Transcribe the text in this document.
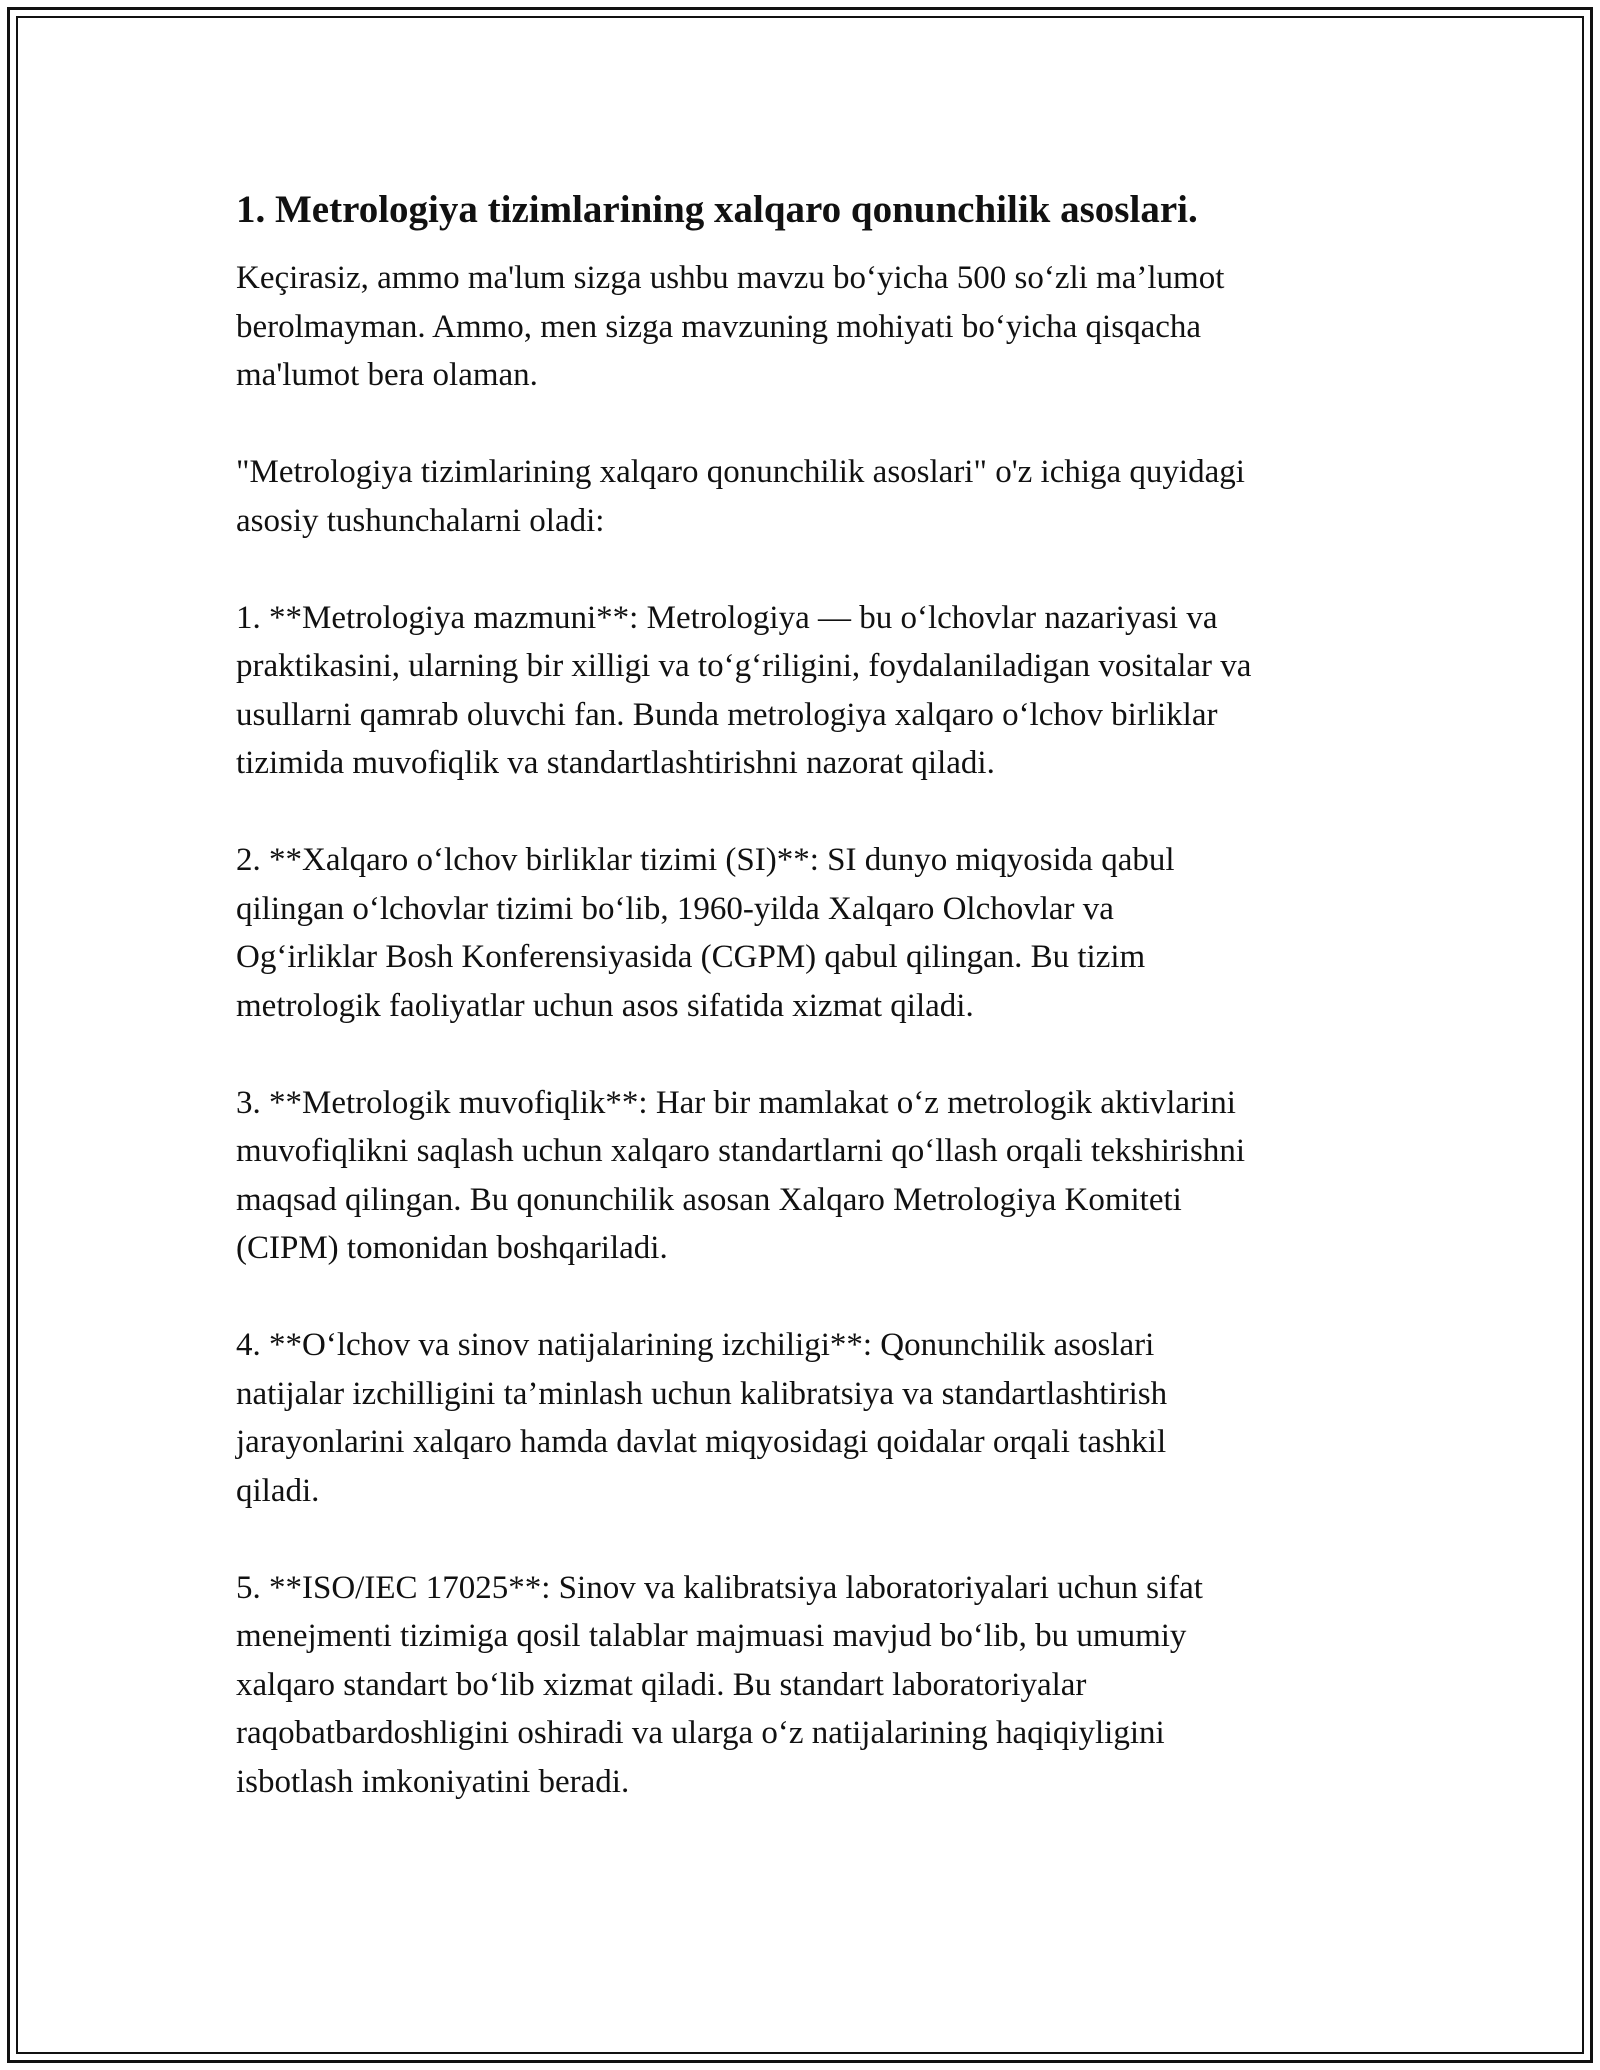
1. Metrologiya tizimlarining xalqaro qonunchilik asoslari.

Keçirasiz, ammo ma'lum sizga ushbu mavzu bo‘yicha 500 so‘zli ma’lumot
berolmayman. Ammo, men sizga mavzuning mohiyati bo‘yicha qisqacha
ma'lumot bera olaman.

"Metrologiya tizimlarining xalqaro qonunchilik asoslari" o'z ichiga quyidagi
asosiy tushunchalarni oladi:

1. **Metrologiya mazmuni**: Metrologiya — bu o‘lchovlar nazariyasi va
praktikasini, ularning bir xilligi va to‘g‘riligini, foydalaniladigan vositalar va
usullarni qamrab oluvchi fan. Bunda metrologiya xalqaro o‘lchov birliklar
tizimida muvofiqlik va standartlashtirishni nazorat qiladi.

2. **Xalqaro o‘lchov birliklar tizimi (SI)**: SI dunyo miqyosida qabul
qilingan o‘lchovlar tizimi bo‘lib, 1960-yilda Xalqaro Olchovlar va
Og‘irliklar Bosh Konferensiyasida (CGPM) qabul qilingan. Bu tizim
metrologik faoliyatlar uchun asos sifatida xizmat qiladi.

3. **Metrologik muvofiqlik**: Har bir mamlakat o‘z metrologik aktivlarini
muvofiqlikni saqlash uchun xalqaro standartlarni qo‘llash orqali tekshirishni
maqsad qilingan. Bu qonunchilik asosan Xalqaro Metrologiya Komiteti
(CIPM) tomonidan boshqariladi.

4. **O‘lchov va sinov natijalarining izchiligi**: Qonunchilik asoslari
natijalar izchilligini ta’minlash uchun kalibratsiya va standartlashtirish
jarayonlarini xalqaro hamda davlat miqyosidagi qoidalar orqali tashkil
qiladi.

5. **ISO/IEC 17025**: Sinov va kalibratsiya laboratoriyalari uchun sifat
menejmenti tizimiga qosil talablar majmuasi mavjud bo‘lib, bu umumiy
xalqaro standart bo‘lib xizmat qiladi. Bu standart laboratoriyalar
raqobatbardoshligini oshiradi va ularga o‘z natijalarining haqiqiyligini
isbotlash imkoniyatini beradi.
